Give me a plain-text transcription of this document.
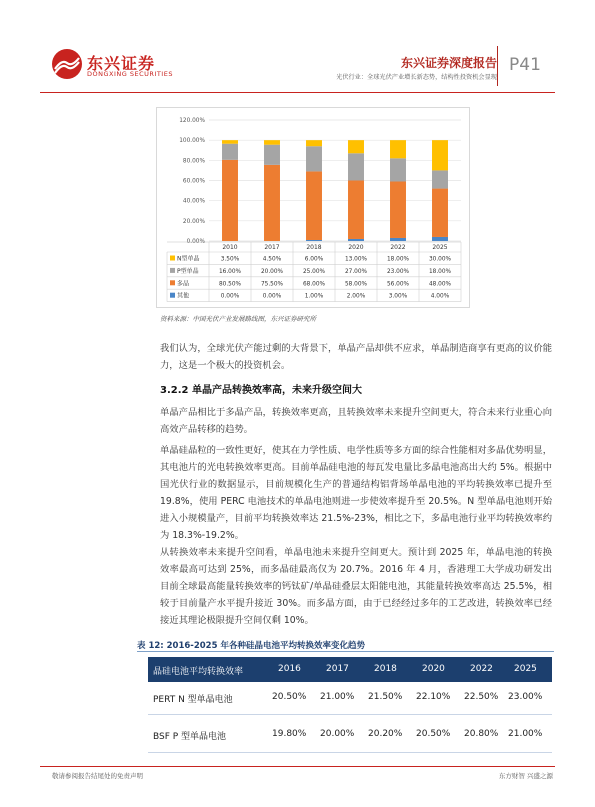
东兴证券
DONGXING SECURITIES
东兴证券深度报告
光伏行业：全球光伏产业增长新态势，结构性投资机会显现
P41
0.00%
20.00%
40.00%
60.00%
80.00%
100.00%
120.00%
2010	2017	2018	2020	2022	2025
N型单晶	3.50%	4.50%	6.00%	13.00%	18.00%	30.00%
P型单晶	16.00%	20.00%	25.00%	27.00%	23.00%	18.00%
多晶	80.50%	75.50%	68.00%	58.00%	56.00%	48.00%
其他	0.00%	0.00%	1.00%	2.00%	3.00%	4.00%
资料来源：中国光伏产业发展路线图，东兴证券研究所
我们认为，全球光伏产能过剩的大背景下，单晶产品却供不应求，单晶制造商享有更高的议价能力，这是一个极大的投资机会。
3.2.2 单晶产品转换效率高，未来升级空间大
单晶产品相比于多晶产品，转换效率更高，且转换效率未来提升空间更大，符合未来行业重心向高效产品转移的趋势。
单晶硅晶粒的一致性更好，使其在力学性质、电学性质等多方面的综合性能相对多晶优势明显，其电池片的光电转换效率更高。目前单晶硅电池的每瓦发电量比多晶电池高出大约 5%。根据中国光伏行业的数据显示，目前规模化生产的普通结构铝背场单晶电池的平均转换效率已提升至 19.8%，使用 PERC 电池技术的单晶电池则进一步使效率提升至 20.5%。N 型单晶电池则开始进入小规模量产，目前平均转换效率达 21.5%-23%，相比之下，多晶电池行业平均转换效率约为 18.3%-19.2%。
从转换效率未来提升空间看，单晶电池未来提升空间更大。预计到 2025 年，单晶电池的转换效率最高可达到 25%，而多晶硅最高仅为 20.7%。2016 年 4 月，香港理工大学成功研发出目前全球最高能量转换效率的钙钛矿/单晶硅叠层太阳能电池，其能量转换效率高达 25.5%，相较于目前量产水平提升接近 30%。而多晶方面，由于已经经过多年的工艺改进，转换效率已经接近其理论极限提升空间仅剩 10%。
表 12: 2016-2025 年各种硅晶电池平均转换效率变化趋势
晶硅电池平均转换效率	2016	2017	2018	2020	2022 2025
PERT N 型单晶电池	20.50% 21.00% 21.50% 22.10% 22.50% 23.00%
BSF P 型单晶电池	19.80% 20.00% 20.20% 20.50% 20.80% 21.00%
敬请参阅报告结尾处的免责声明	东方财智 兴盛之源
